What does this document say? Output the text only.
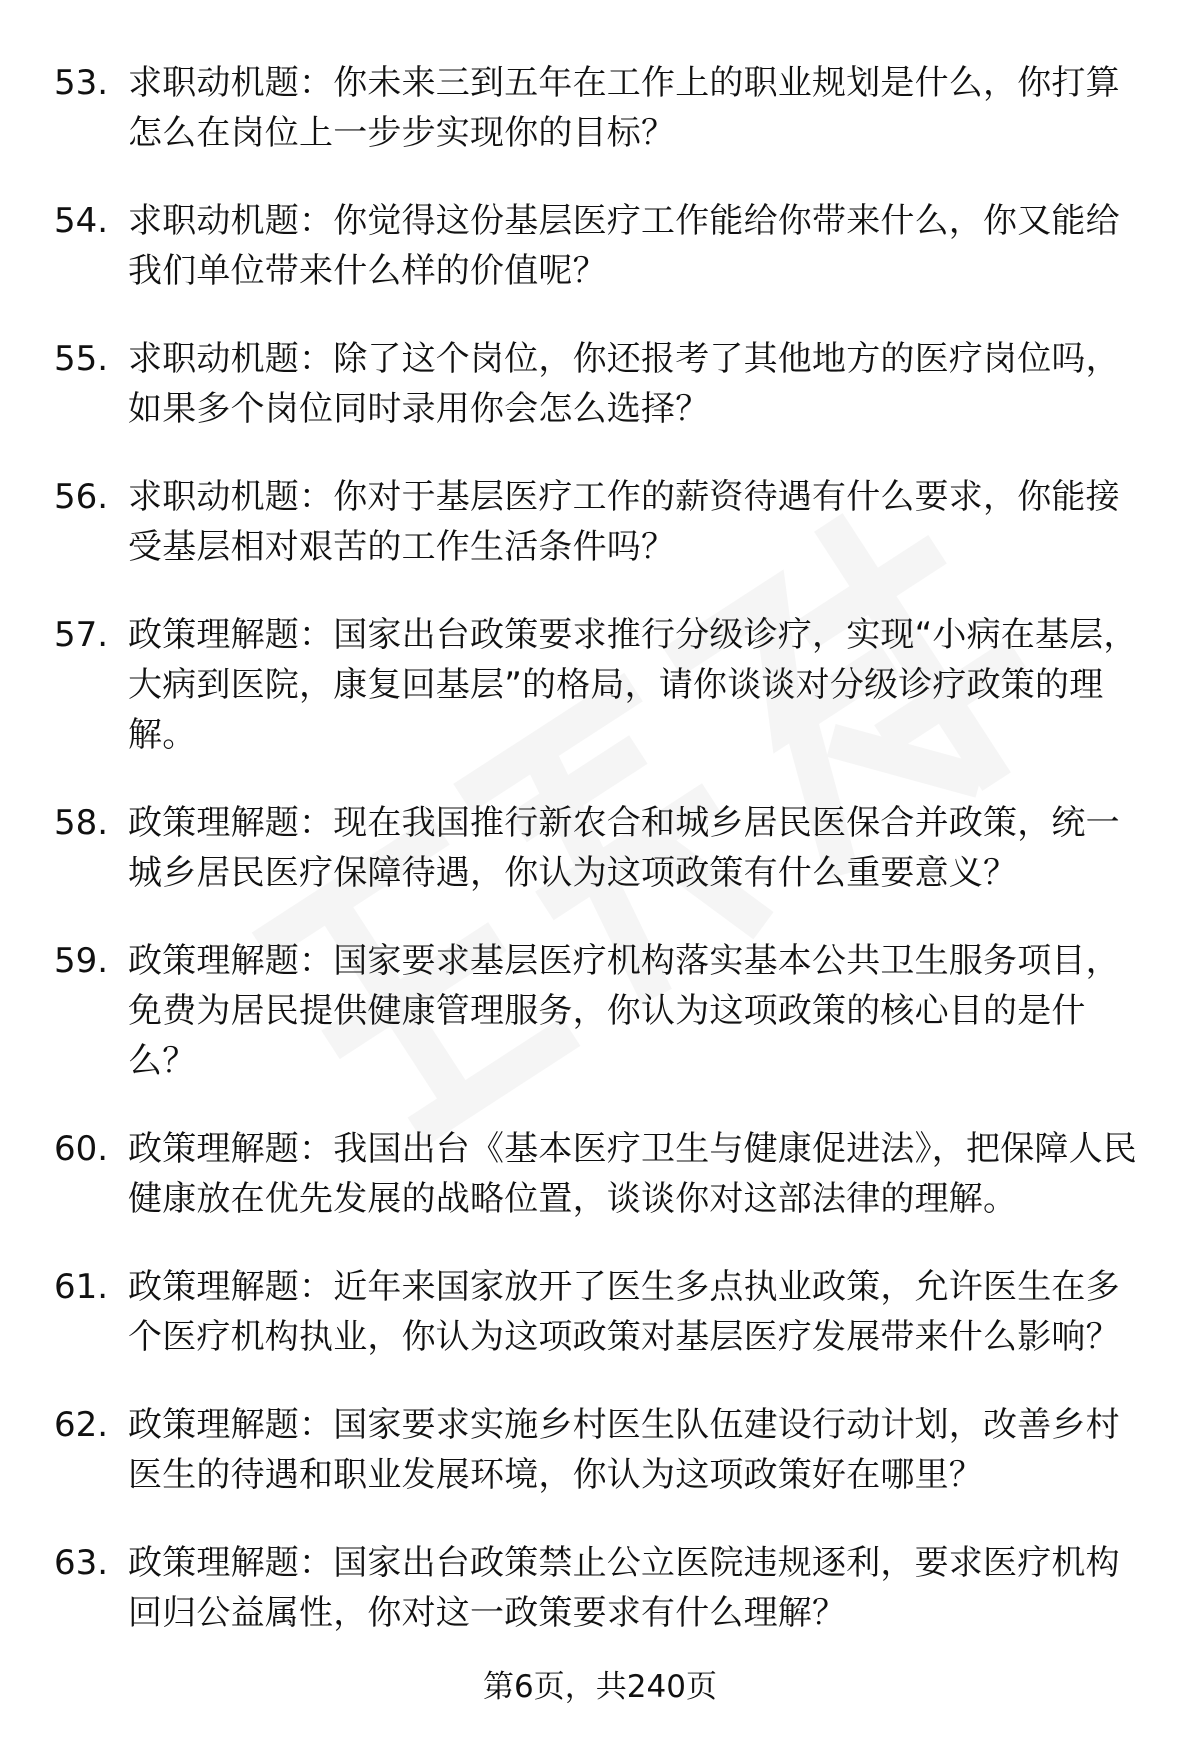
53. 求职动机题：你未来三到五年在工作上的职业规划是什么，你打算怎么在岗位上一步步实现你的目标？
54. 求职动机题：你觉得这份基层医疗工作能给你带来什么，你又能给我们单位带来什么样的价值呢？
55. 求职动机题：除了这个岗位，你还报考了其他地方的医疗岗位吗，如果多个岗位同时录用你会怎么选择？
56. 求职动机题：你对于基层医疗工作的薪资待遇有什么要求，你能接受基层相对艰苦的工作生活条件吗？
57. 政策理解题：国家出台政策要求推行分级诊疗，实现“小病在基层，大病到医院，康复回基层”的格局，请你谈谈对分级诊疗政策的理解。
58. 政策理解题：现在我国推行新农合和城乡居民医保合并政策，统一城乡居民医疗保障待遇，你认为这项政策有什么重要意义？
59. 政策理解题：国家要求基层医疗机构落实基本公共卫生服务项目，免费为居民提供健康管理服务，你认为这项政策的核心目的是什么？
60. 政策理解题：我国出台《基本医疗卫生与健康促进法》，把保障人民健康放在优先发展的战略位置，谈谈你对这部法律的理解。
61. 政策理解题：近年来国家放开了医生多点执业政策，允许医生在多个医疗机构执业，你认为这项政策对基层医疗发展带来什么影响？
62. 政策理解题：国家要求实施乡村医生队伍建设行动计划，改善乡村医生的待遇和职业发展环境，你认为这项政策好在哪里？
63. 政策理解题：国家出台政策禁止公立医院违规逐利，要求医疗机构回归公益属性，你对这一政策要求有什么理解？
第6页，共240页
